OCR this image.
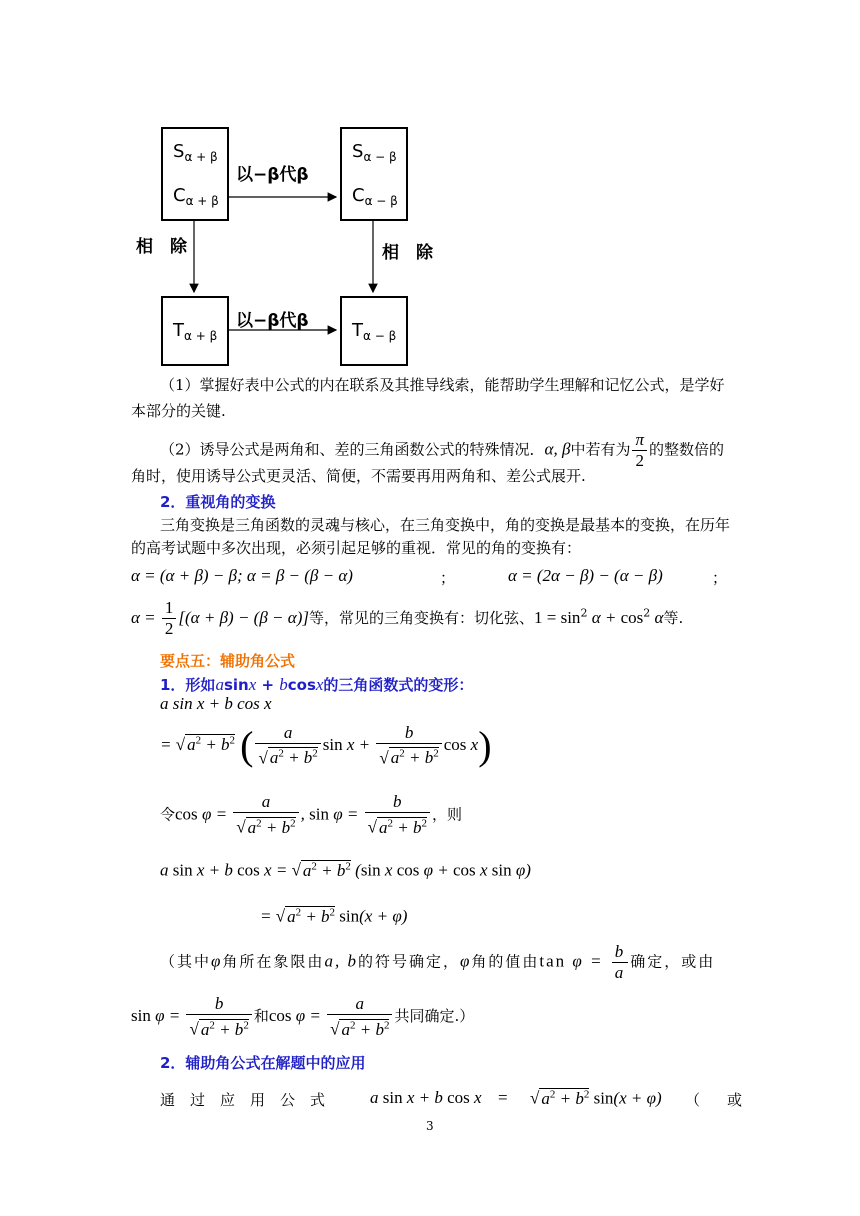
$S_{\alpha + \beta}$
$C_{\alpha + \beta}$
$S_{\alpha - \beta}$
$C_{\alpha - \beta}$
$T_{\alpha + \beta}$	$T_{\alpha - \beta}$
以−β代β
以−β代β
相　除	相　除
（1）掌握好表中公式的内在联系及其推导线索，能帮助学生理解和记忆公式，是学好
本部分的关键.
（2）诱导公式是两角和、差的三角函数公式的特殊情况．α, β中若有为 $\frac{\pi}{2}$ 的整数倍的
角时，使用诱导公式更灵活、简便，不需要再用两角和、差公式展开.
2．重视角的变换
三角变换是三角函数的灵魂与核心，在三角变换中，角的变换是最基本的变换，在历年
的高考试题中多次出现，必须引起足够的重视．常见的角的变换有：
α = (α + β) − β; α = β − (β − α)	；	α = (2α − β) − (α − β)	；
$\alpha = \frac{1}{2} [(\alpha + \beta) - (\beta - \alpha)]$等，常见的三角变换有：切化弦、$1 = \sin^2 \alpha + \cos^2 \alpha$等.
要点五：辅助角公式
1．形如asinx + bcosx的三角函数式的变形：
a sin x + b cos x
= √ $a^2 + b^2$ ( $\frac{a}{√ a^2 + b^2}$ $\sin x + \frac{b}{√ a^2 + b^2}$ cos x)
令$\cos \varphi = \frac{a}{√ a^2 + b^2}$ , $\sin \varphi = \frac{b}{√ a^2 + b^2}$ ，则
a sin x + b cos x = √ $a^2 + b^2$ (sin x cos φ + cos x sin φ)
= √ $a^2 + b^2$ sin(x + φ)
（其中φ角所在象限由a, b的符号确定，φ角的值由$\tan \varphi = \frac{b}{a}$ 确定，或由
$\sin \varphi = \frac{b}{√ a^2 + b^2}$ 和$\cos \varphi = \frac{a}{√ a^2 + b^2}$ 共同确定.）
2．辅助角公式在解题中的应用
通　过　应　用　公　式	a sin x + b cos x = √ $a^2 + b^2$ sin(x + φ) （　或
3
